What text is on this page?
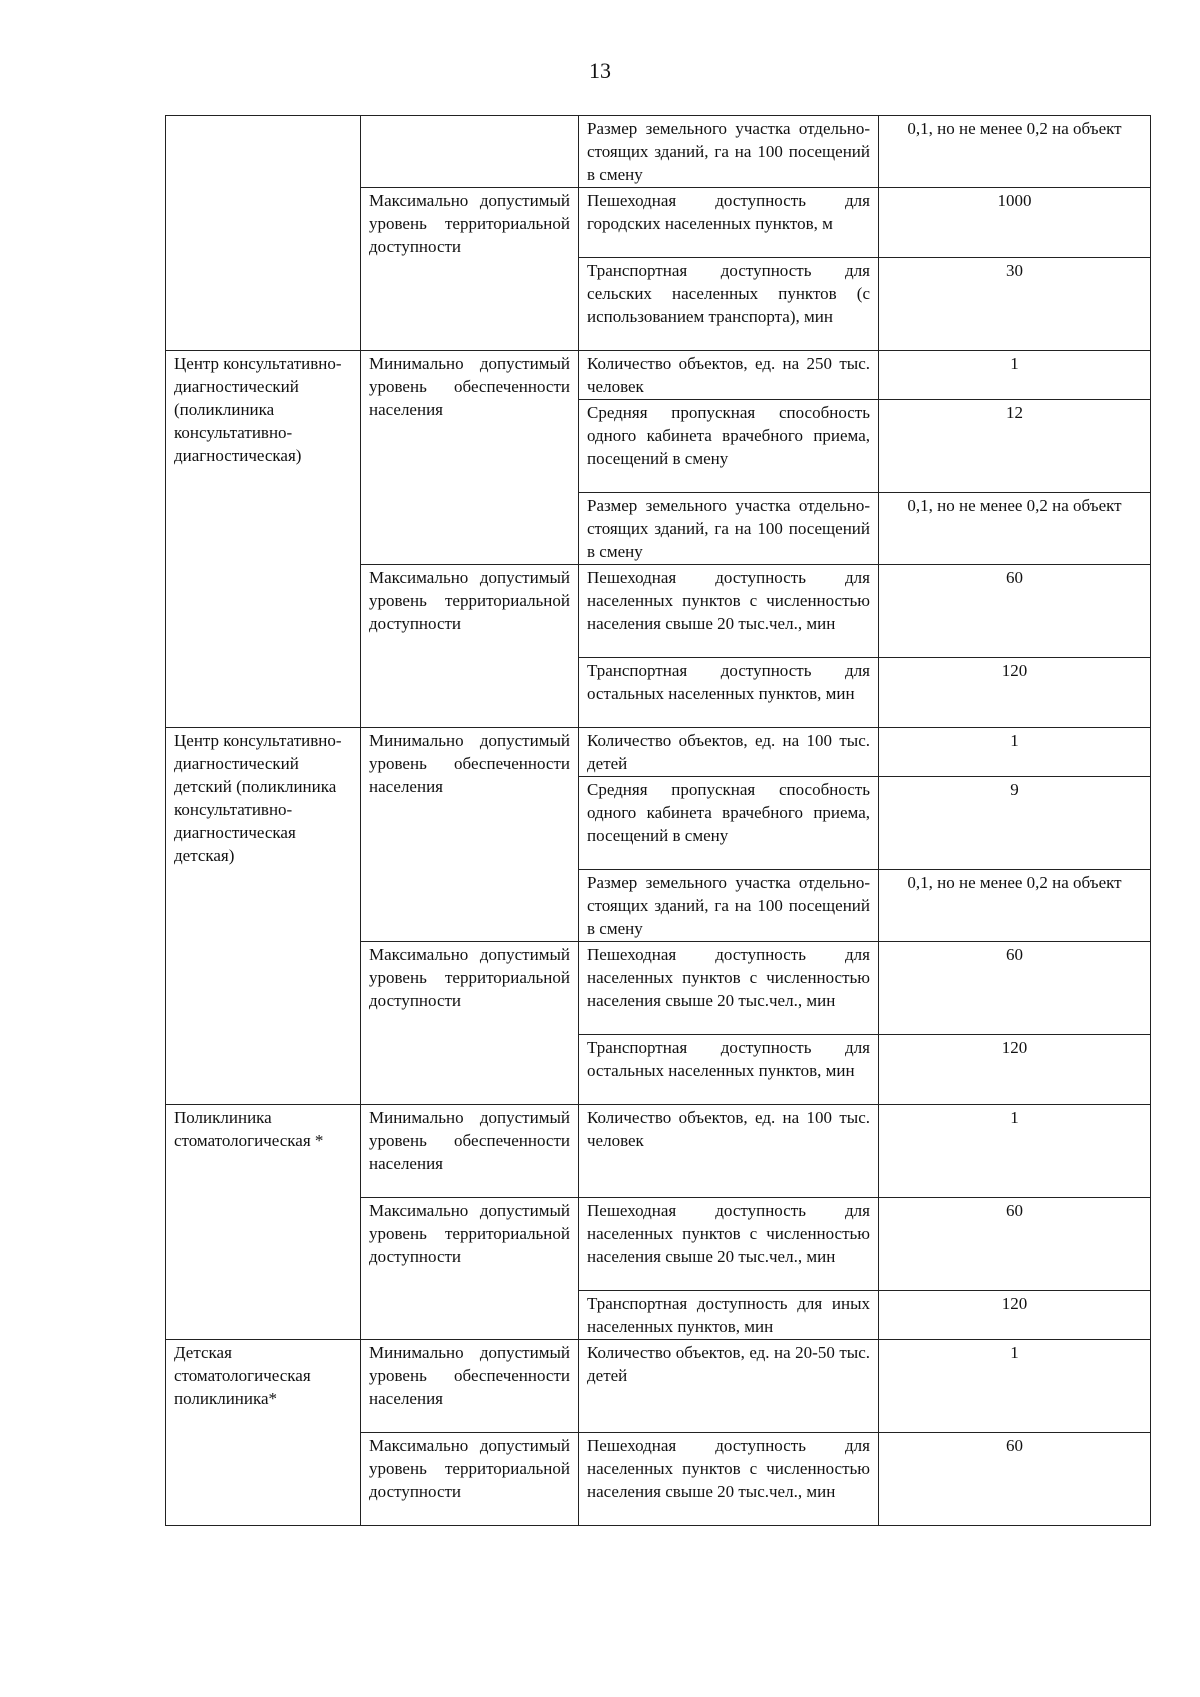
13
		Размер земельного участка отдельно-стоящих зданий, га на 100 посещений в смену	0,1, но не менее 0,2 на объект
	Максимально допустимый уровень территориальной доступности	Пешеходная доступность для городских населенных пунктов, м	1000
		Транспортная доступность для сельских населенных пунктов (с использованием транспорта), мин	30
Центр консультативно-диагностический (поликлиника консультативно-диагностическая)	Минимально допустимый уровень обеспеченности населения	Количество объектов, ед. на 250 тыс. человек	1
		Средняя пропускная способность одного кабинета врачебного приема, посещений в смену	12
		Размер земельного участка отдельно-стоящих зданий, га на 100 посещений в смену	0,1, но не менее 0,2 на объект
	Максимально допустимый уровень территориальной доступности	Пешеходная доступность для населенных пунктов с численностью населения свыше 20 тыс.чел., мин	60
		Транспортная доступность для остальных населенных пунктов, мин	120
Центр консультативно-диагностический детский (поликлиника консультативно-диагностическая детская)	Минимально допустимый уровень обеспеченности населения	Количество объектов, ед. на 100 тыс. детей	1
		Средняя пропускная способность одного кабинета врачебного приема, посещений в смену	9
		Размер земельного участка отдельно-стоящих зданий, га на 100 посещений в смену	0,1, но не менее 0,2 на объект
	Максимально допустимый уровень территориальной доступности	Пешеходная доступность для населенных пунктов с численностью населения свыше 20 тыс.чел., мин	60
		Транспортная доступность для остальных населенных пунктов, мин	120
Поликлиника стоматологическая *	Минимально допустимый уровень обеспеченности населения	Количество объектов, ед. на 100 тыс. человек	1
	Максимально допустимый уровень территориальной доступности	Пешеходная доступность для населенных пунктов с численностью населения свыше 20 тыс.чел., мин	60
		Транспортная доступность для иных населенных пунктов, мин	120
Детская стоматологическая поликлиника*	Минимально допустимый уровень обеспеченности населения	Количество объектов, ед. на 20-50 тыс. детей	1
	Максимально допустимый уровень территориальной доступности	Пешеходная доступность для населенных пунктов с численностью населения свыше 20 тыс.чел., мин	60
